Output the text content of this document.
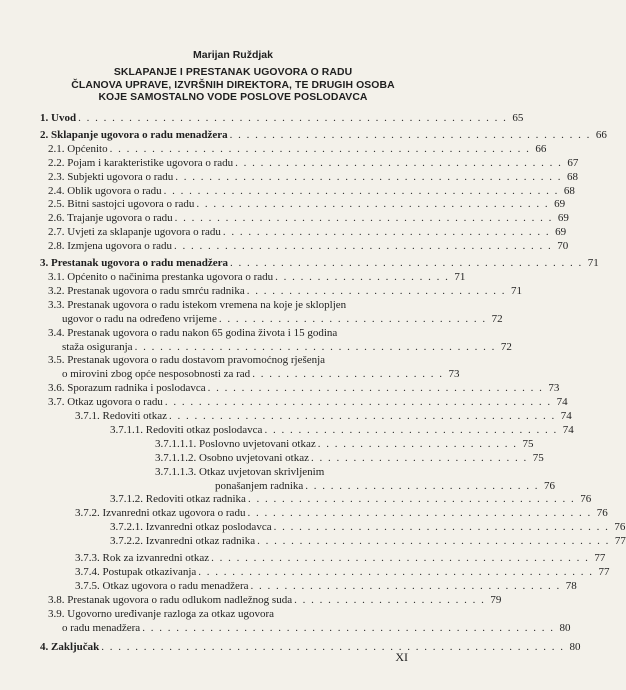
Marijan Ruždjak
SKLAPANJE I PRESTANAK UGOVORA O RADU
ČLANOVA UPRAVE, IZVRŠNIH DIREKTORA, TE DRUGIH OSOBA
KOJE SAMOSTALNO VODE POSLOVE POSLODAVCA
1. Uvod . . . . . . . . . . . . . . . . . . . . . . . . . . . . . . . . . . . . . . . . . . . . . . . . . . . 65
2. Sklapanje ugovora o radu menadžera . . . . . . . . . . . . . . . . . . . . . . . . . . . . . . . . . . . . . . . . . . . 66
2.1. Općenito . . . . . . . . . . . . . . . . . . . . . . . . . . . . . . . . . . . . . . . . . . . . . . . . . . 66
2.2. Pojam i karakteristike ugovora o radu . . . . . . . . . . . . . . . . . . . . . . . . . . . . . . . . . . . . . . . 67
2.3. Subjekti ugovora o radu . . . . . . . . . . . . . . . . . . . . . . . . . . . . . . . . . . . . . . . . . . . . . . 68
2.4. Oblik ugovora o radu . . . . . . . . . . . . . . . . . . . . . . . . . . . . . . . . . . . . . . . . . . . . . . . 68
2.5. Bitni sastojci ugovora o radu . . . . . . . . . . . . . . . . . . . . . . . . . . . . . . . . . . . . . . . . . . 69
2.6. Trajanje ugovora o radu . . . . . . . . . . . . . . . . . . . . . . . . . . . . . . . . . . . . . . . . . . . . . 69
2.7. Uvjeti za sklapanje ugovora o radu . . . . . . . . . . . . . . . . . . . . . . . . . . . . . . . . . . . . . . . 69
2.8. Izmjena ugovora o radu . . . . . . . . . . . . . . . . . . . . . . . . . . . . . . . . . . . . . . . . . . . . . 70
3. Prestanak ugovora o radu menadžera . . . . . . . . . . . . . . . . . . . . . . . . . . . . . . . . . . . . . . . . . . 71
3.1. Općenito o načinima prestanka ugovora o radu . . . . . . . . . . . . . . . . . . . . . 71
3.2. Prestanak ugovora o radu smrću radnika . . . . . . . . . . . . . . . . . . . . . . . . . . . . . . . 71
3.3. Prestanak ugovora o radu istekom vremena na koje je sklopljen
ugovor o radu na određeno vrijeme . . . . . . . . . . . . . . . . . . . . . . . . . . . . . . . . 72
3.4. Prestanak ugovora o radu nakon 65 godina života i 15 godina
staža osiguranja . . . . . . . . . . . . . . . . . . . . . . . . . . . . . . . . . . . . . . . . . . . 72
3.5. Prestanak ugovora o radu dostavom pravomoćnog rješenja
o mirovini zbog opće nesposobnosti za rad . . . . . . . . . . . . . . . . . . . . . . . 73
3.6. Sporazum radnika i poslodavca . . . . . . . . . . . . . . . . . . . . . . . . . . . . . . . . . . . . . . . . 73
3.7. Otkaz ugovora o radu . . . . . . . . . . . . . . . . . . . . . . . . . . . . . . . . . . . . . . . . . . . . . . 74
3.7.1. Redoviti otkaz . . . . . . . . . . . . . . . . . . . . . . . . . . . . . . . . . . . . . . . . . . . . . . 74
3.7.1.1. Redoviti otkaz poslodavca . . . . . . . . . . . . . . . . . . . . . . . . . . . . . . . . . . . 74
3.7.1.1.1. Poslovno uvjetovani otkaz . . . . . . . . . . . . . . . . . . . . . . . . 75
3.7.1.1.2. Osobno uvjetovani otkaz . . . . . . . . . . . . . . . . . . . . . . . . . . 75
3.7.1.1.3. Otkaz uvjetovan skrivljenim
ponašanjem radnika . . . . . . . . . . . . . . . . . . . . . . . . . . . . 76
3.7.1.2. Redoviti otkaz radnika . . . . . . . . . . . . . . . . . . . . . . . . . . . . . . . . . . . . . . . 76
3.7.2. Izvanredni otkaz ugovora o radu . . . . . . . . . . . . . . . . . . . . . . . . . . . . . . . . . . . . . . . . . 76
3.7.2.1. Izvanredni otkaz poslodavca . . . . . . . . . . . . . . . . . . . . . . . . . . . . . . . . . . . . . . . . 76
3.7.2.2. Izvanredni otkaz radnika . . . . . . . . . . . . . . . . . . . . . . . . . . . . . . . . . . . . . . . . . . 77
3.7.3. Rok za izvanredni otkaz . . . . . . . . . . . . . . . . . . . . . . . . . . . . . . . . . . . . . . . . . . . . . 77
3.7.4. Postupak otkazivanja . . . . . . . . . . . . . . . . . . . . . . . . . . . . . . . . . . . . . . . . . . . . . . . 77
3.7.5. Otkaz ugovora o radu menadžera . . . . . . . . . . . . . . . . . . . . . . . . . . . . . . . . . . . . . 78
3.8. Prestanak ugovora o radu odlukom nadležnog suda . . . . . . . . . . . . . . . . . . . . . . . 79
3.9. Ugovorno uređivanje razloga za otkaz ugovora
o radu menadžera . . . . . . . . . . . . . . . . . . . . . . . . . . . . . . . . . . . . . . . . . . . . . . . . . 80
4. Zaključak . . . . . . . . . . . . . . . . . . . . . . . . . . . . . . . . . . . . . . . . . . . . . . . . . . . . . . . 80
XI
